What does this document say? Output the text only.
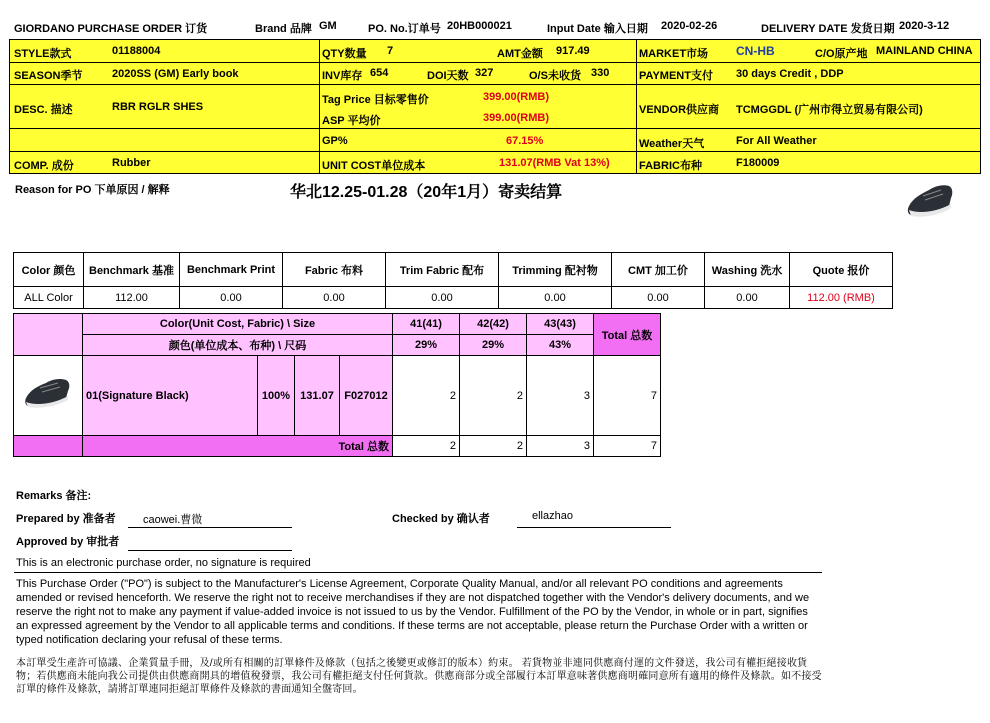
GIORDANO PURCHASE ORDER 订货	Brand 品牌 GM	PO. No.订单号 20HB000021	Input Date 输入日期 2020-02-26	DELIVERY DATE 发货日期 2020-3-12
STYLE款式	01188004
SEASON季节	2020SS (GM) Early book
DESC. 描述	RBR RGLR SHES
COMP. 成份	Rubber
QTY数量 7	AMT金额 917.49
INV库存 654	DOI天数 327	O/S未收货 330
Tag Price 目标零售价	399.00(RMB)
ASP 平均价	399.00(RMB)
GP%	67.15%
UNIT COST单位成本	131.07(RMB Vat 13%)
MARKET市场 CN-HB	C/O原产地 MAINLAND CHINA
PAYMENT支付 30 days Credit , DDP
VENDOR供应商 TCMGGDL (广州市得立贸易有限公司)
Weather天气	For All Weather
FABRIC布种	F180009
Reason for PO 下单原因 / 解释	华北12.25-01.28（20年1月）寄卖结算
Color 颜色	Benchmark 基准	Benchmark Print	Fabric 布料	Trim Fabric 配布	Trimming 配衬物	CMT 加工价	Washing 洗水	Quote 报价
ALL Color	112.00	0.00	0.00	0.00	0.00	0.00	0.00	112.00 (RMB)
	Color(Unit Cost, Fabric) \ Size				41(41)	42(42)	43(43)	Total 总数
	颜色(单位成本、布种) \ 尺码				29%	29%	43%	
	01(Signature Black)	100%	131.07	F027012	2	2	3	7
	Total 总数				2	2	3	7
Remarks 备注:
Prepared by 准备者 caowei.曹微	Checked by 确认者	ellazhao
Approved by 审批者
This is an electronic purchase order, no signature is required
This Purchase Order ("PO") is subject to the Manufacturer's License Agreement, Corporate Quality Manual, and/or all relevant PO conditions and agreements amended or revised henceforth. We reserve the right not to receive merchandises if they are not dispatched together with the Vendor's delivery documents, and we reserve the right not to make any payment if value-added invoice is not issued to us by the Vendor. Fulfillment of the PO by the Vendor, in whole or in part, signifies an expressed agreement by the Vendor to all applicable terms and conditions. If these terms are not acceptable, please return the Purchase Order with a written or typed notification declaring your refusal of these terms.
本訂單受生產許可協議、企業質量手冊，及/或所有相關的訂單條件及條款（包括之後變更或修訂的版本）約束。 若貨物並非連同供應商付運的文件發送，我公司有權拒絕接收貨物；若供應商未能向我公司提供由供應商開具的增值稅發票，我公司有權拒絕支付任何貨款。供應商部分或全部履行本訂單意味著供應商明確同意所有適用的條件及條款。如不接受訂單的條件及條款，請將訂單連同拒絕訂單條件及條款的書面通知全盤寄回。
